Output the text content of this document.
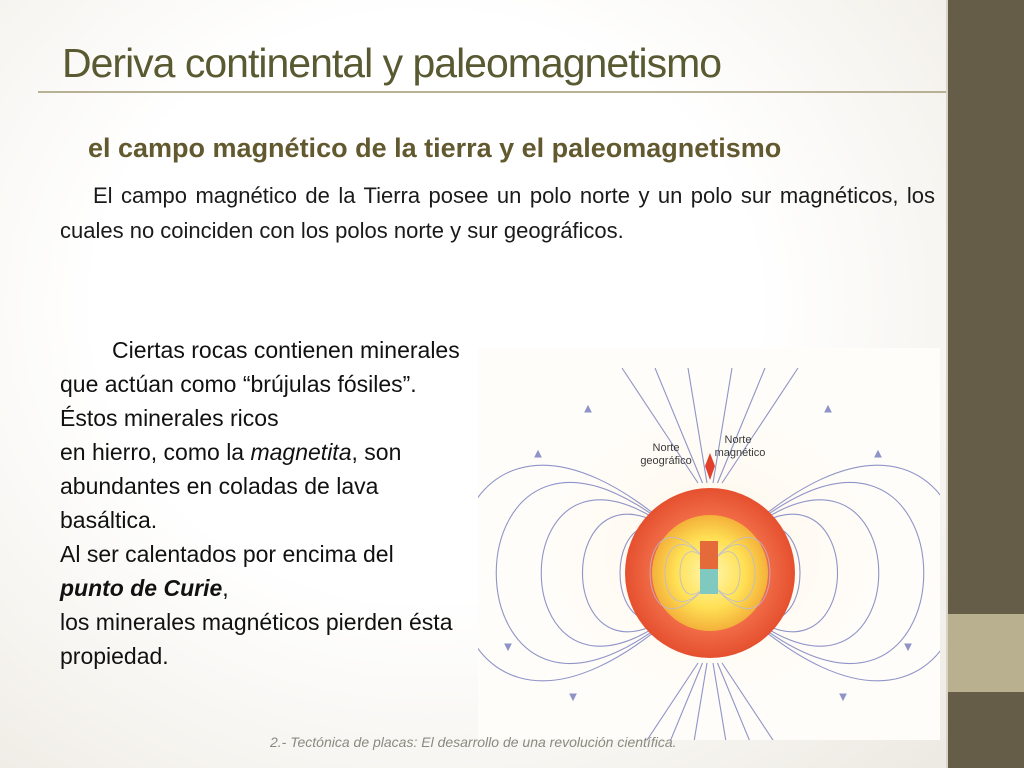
Deriva continental y paleomagnetismo
el campo magnético de la tierra y el paleomagnetismo

El campo magnético de la Tierra posee un polo norte y un polo sur magnéticos, los cuales no coinciden con los polos norte y sur geográficos.

Ciertas rocas contienen minerales que actúan como “brújulas fósiles”. Éstos minerales ricos

en hierro, como la magnetita, son abundantes en coladas de lava basáltica.

Al ser calentados por encima del punto de Curie,

los minerales magnéticos pierden ésta propiedad.

Norte
geográfico
Norte
magnético
2.- Tectónica de placas: El desarrollo de una revolución científica.
